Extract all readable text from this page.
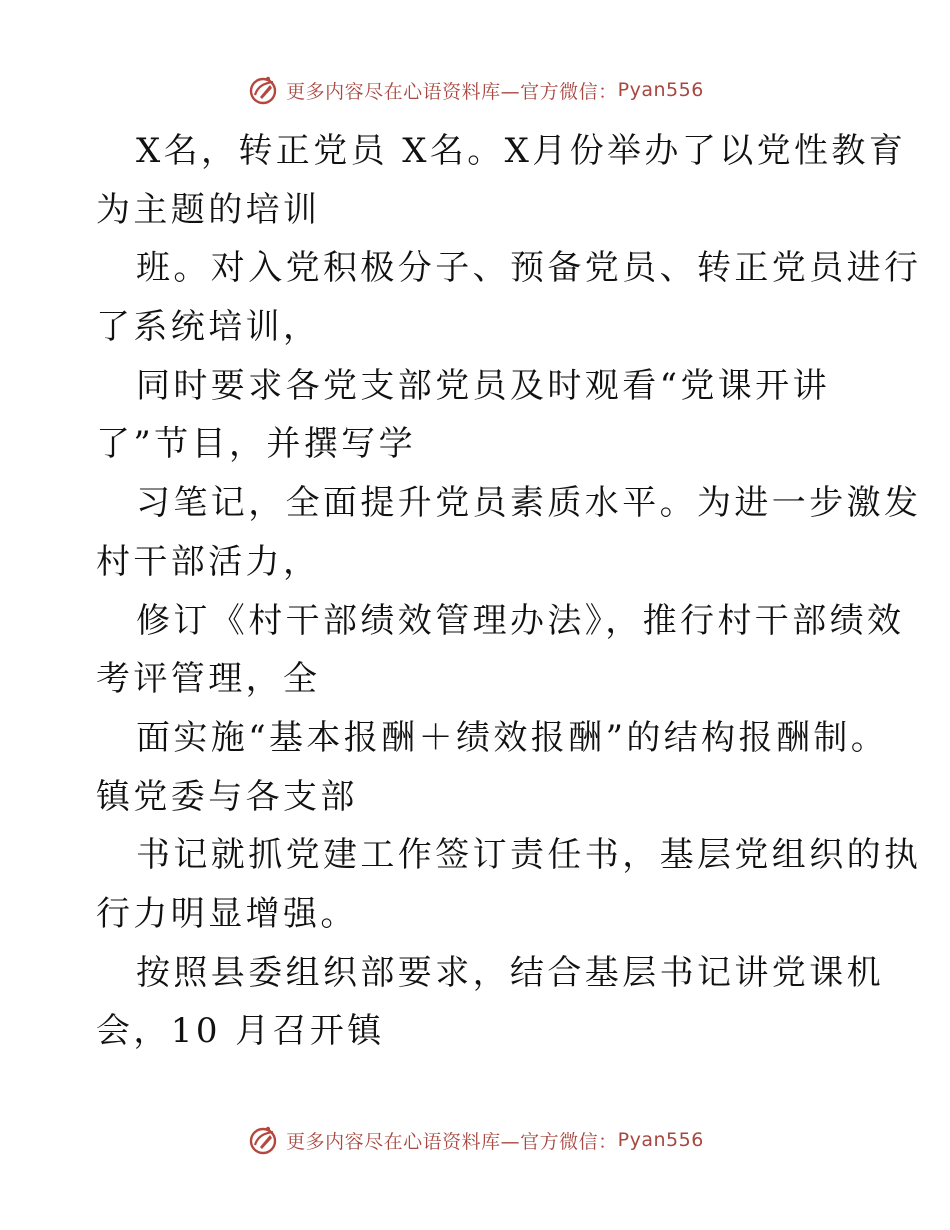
更多内容尽在心语资料库—官方微信： Pyan556
X名，转正党员 X名。X月份举办了以党性教育
为主题的培训
班。对入党积极分子、预备党员、转正党员进行
了系统培训，
同时要求各党支部党员及时观看“党课开讲
了”节目，并撰写学
习笔记，全面提升党员素质水平。为进一步激发
村干部活力，
修订《村干部绩效管理办法》，推行村干部绩效
考评管理，全
面实施“基本报酬＋绩效报酬”的结构报酬制。
镇党委与各支部
书记就抓党建工作签订责任书，基层党组织的执
行力明显增强。
按照县委组织部要求，结合基层书记讲党课机
会，10 月召开镇
更多内容尽在心语资料库—官方微信： Pyan556
